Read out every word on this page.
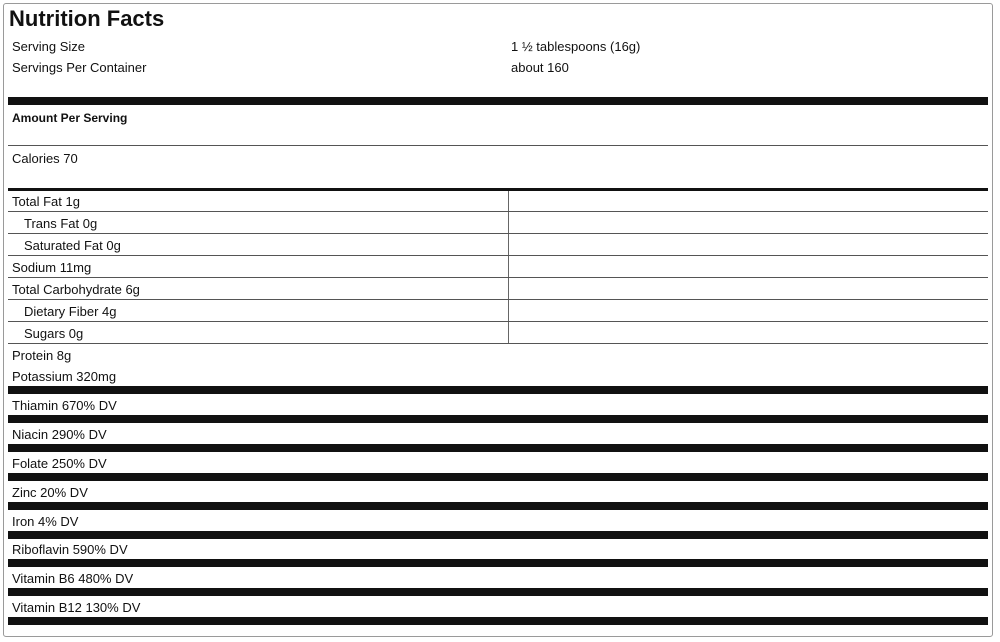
Nutrition Facts
Serving Size	1 ½ tablespoons (16g)
Servings Per Container	about 160
Amount Per Serving
Calories 70
Total Fat 1g
Trans Fat 0g
Saturated Fat 0g
Sodium 11mg
Total Carbohydrate 6g
Dietary Fiber 4g
Sugars 0g
Protein 8g
Potassium 320mg
Thiamin 670% DV
Niacin 290% DV
Folate 250% DV
Zinc 20% DV
Iron 4% DV
Riboflavin 590% DV
Vitamin B6 480% DV
Vitamin B12 130% DV
